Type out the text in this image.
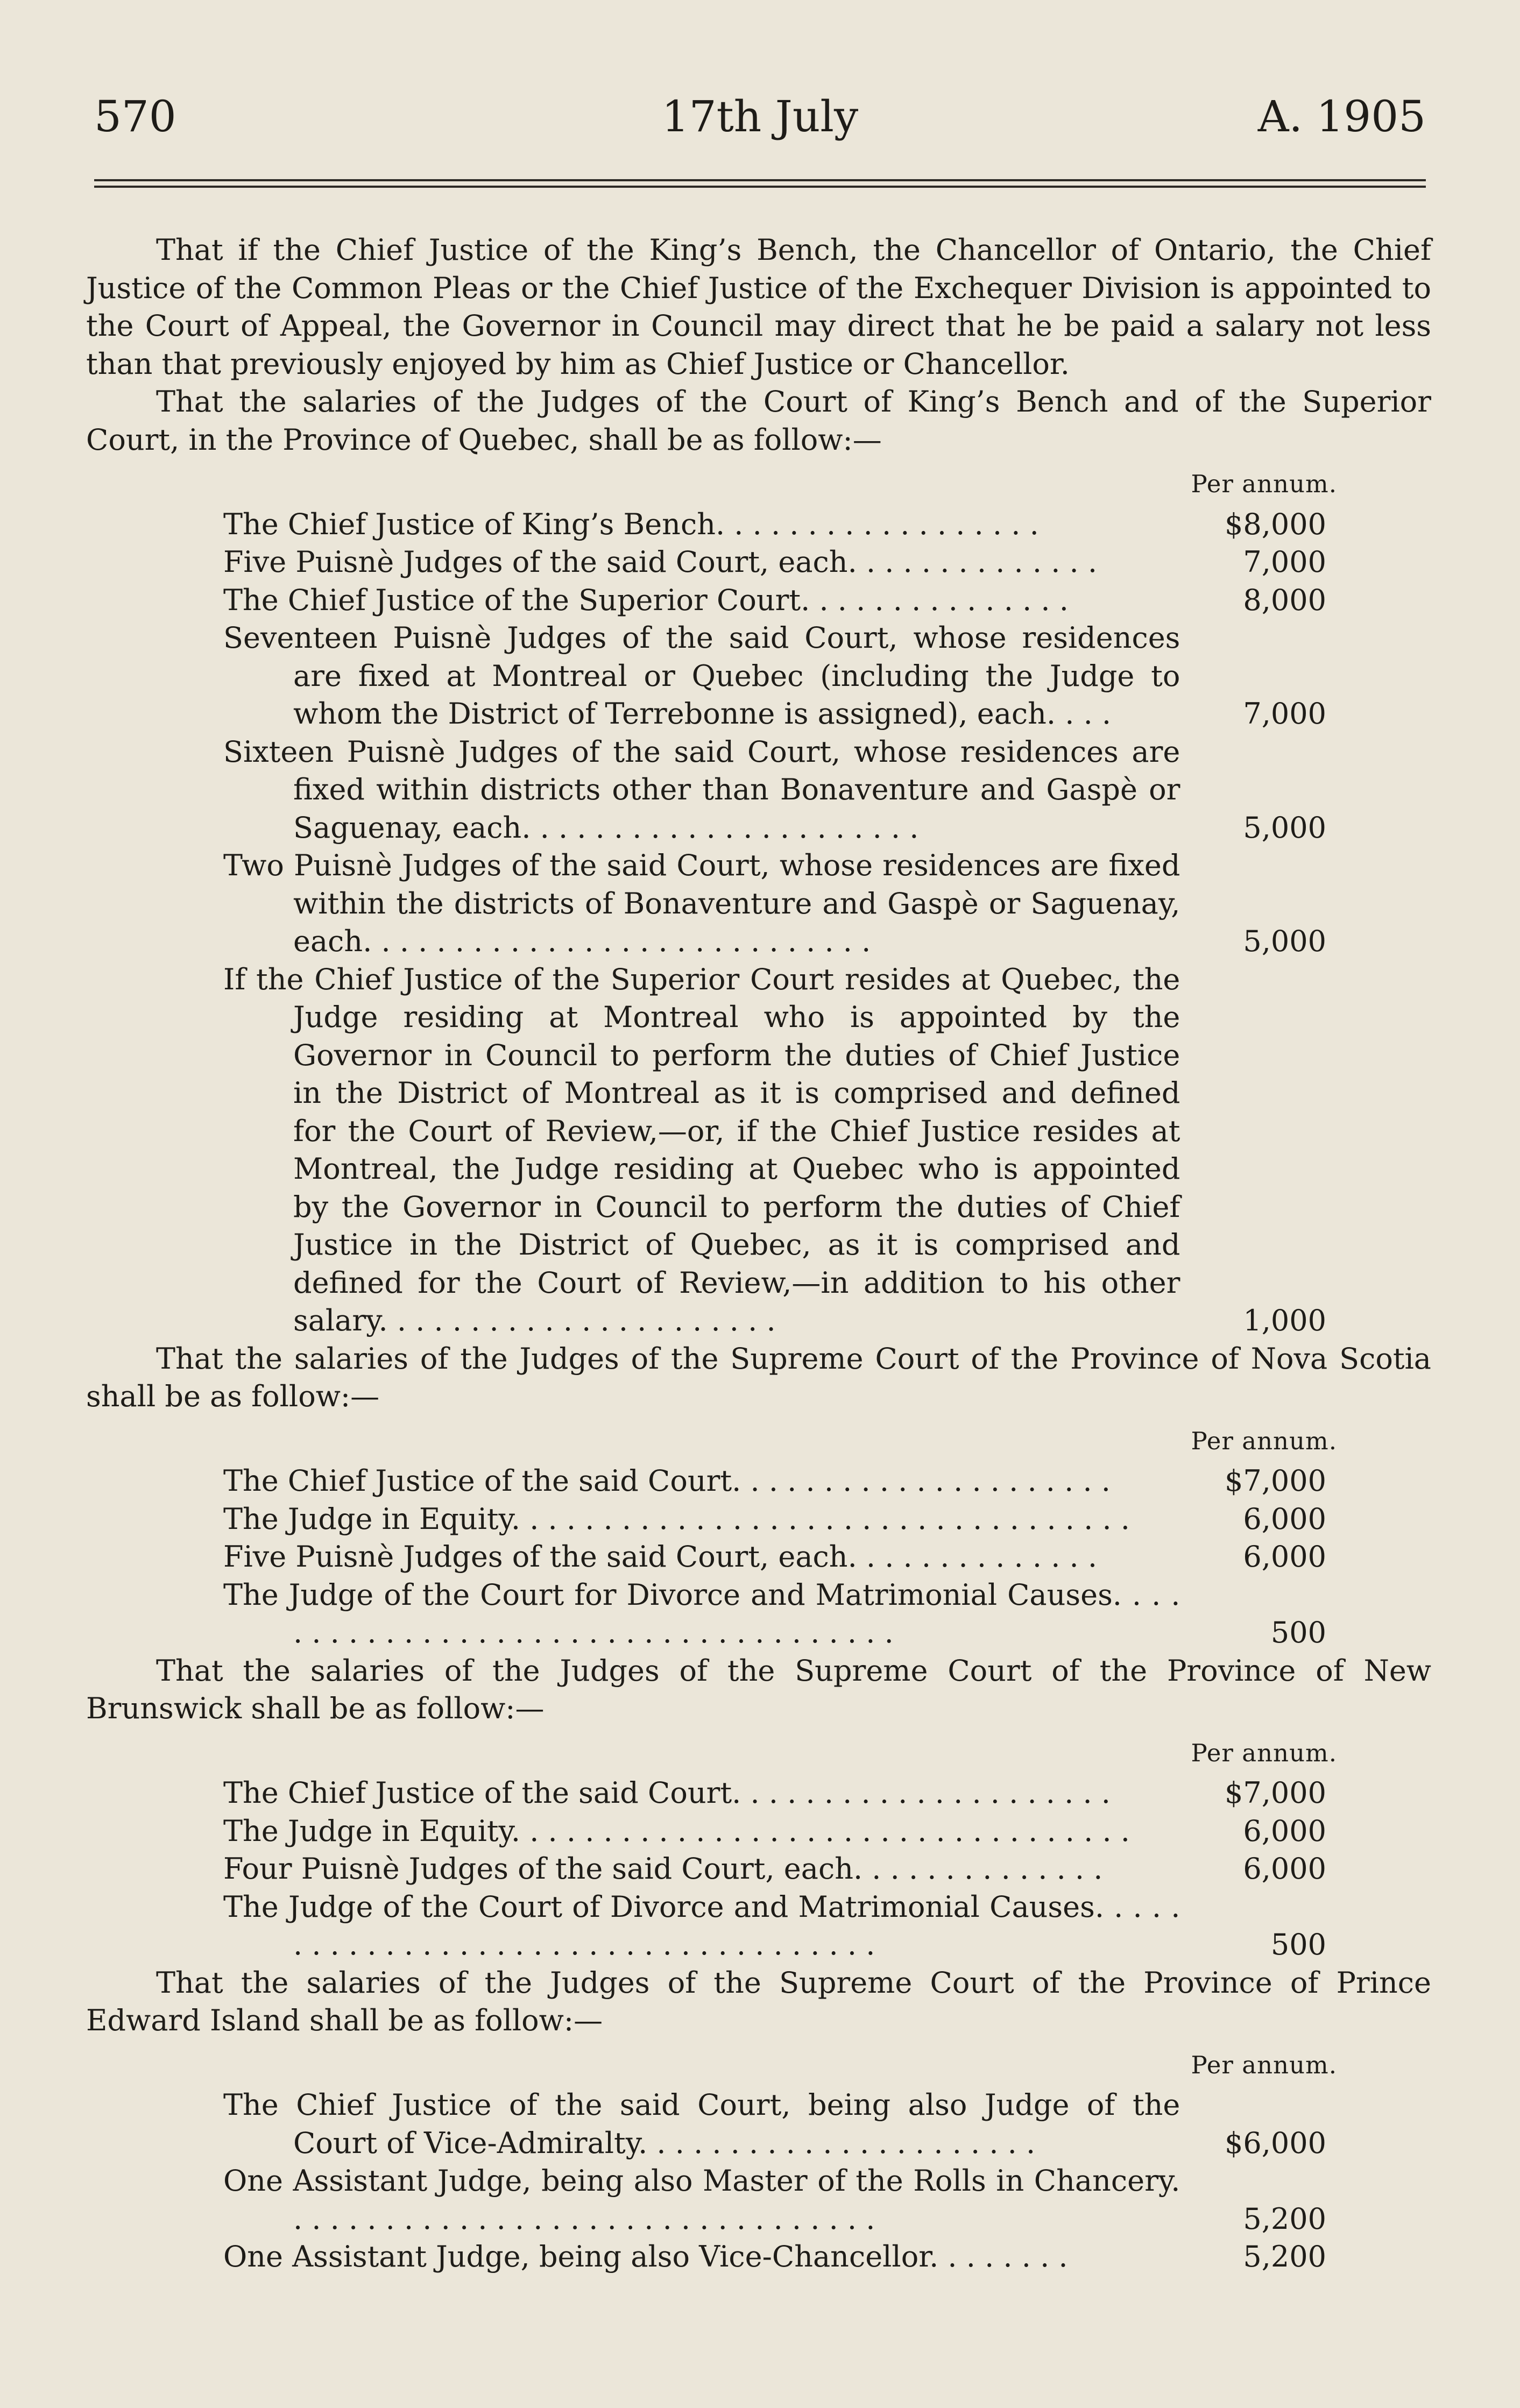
570	17th July	A. 1905

That if the Chief Justice of the King’s Bench, the Chancellor of Ontario, the Chief Justice of the Common Pleas or the Chief Justice of the Exchequer Division is appointed to the Court of Appeal, the Governor in Council may direct that he be paid a salary not less than that previously enjoyed by him as Chief Justice or Chancellor.

That the salaries of the Judges of the Court of King’s Bench and of the Superior Court, in the Province of Quebec, shall be as follow:—

Per annum.
The Chief Justice of King’s Bench. . . . . . . . . . . . . . . . . .	$8,000
Five Puisnè Judges of the said Court, each. . . . . . . . . . . . . .	7,000
The Chief Justice of the Superior Court. . . . . . . . . . . . . . .	8,000
Seventeen Puisnè Judges of the said Court, whose residences are fixed at Montreal or Quebec (including the Judge to whom the District of Terrebonne is assigned), each. . . .	7,000
Sixteen Puisnè Judges of the said Court, whose residences are fixed within districts other than Bonaventure and Gaspè or Saguenay, each. . . . . . . . . . . . . . . . . . . . . .	5,000
Two Puisnè Judges of the said Court, whose residences are fixed within the districts of Bonaventure and Gaspè or Saguenay, each. . . . . . . . . . . . . . . . . . . . . . . . . . . .	5,000
If the Chief Justice of the Superior Court resides at Quebec, the Judge residing at Montreal who is appointed by the Governor in Council to perform the duties of Chief Justice in the District of Montreal as it is comprised and defined for the Court of Review,—or, if the Chief Justice resides at Montreal, the Judge residing at Quebec who is appointed by the Governor in Council to perform the duties of Chief Justice in the District of Quebec, as it is comprised and defined for the Court of Review,—in addition to his other salary. . . . . . . . . . . . . . . . . . . . . .	1,000

That the salaries of the Judges of the Supreme Court of the Province of Nova Scotia shall be as follow:—

Per annum.
The Chief Justice of the said Court. . . . . . . . . . . . . . . . . . . . .	$7,000
The Judge in Equity. . . . . . . . . . . . . . . . . . . . . . . . . . . . . . . . . .	6,000
Five Puisnè Judges of the said Court, each. . . . . . . . . . . . . .	6,000
The Judge of the Court for Divorce and Matrimonial Causes. . . . . . . . . . . . . . . . . . . . . . . . . . . . . . . . . . . . .	500

That the salaries of the Judges of the Supreme Court of the Province of New Brunswick shall be as follow:—

Per annum.
The Chief Justice of the said Court. . . . . . . . . . . . . . . . . . . . .	$7,000
The Judge in Equity. . . . . . . . . . . . . . . . . . . . . . . . . . . . . . . . . .	6,000
Four Puisnè Judges of the said Court, each. . . . . . . . . . . . . .	6,000
The Judge of the Court of Divorce and Matrimonial Causes. . . . . . . . . . . . . . . . . . . . . . . . . . . . . . . . . . . . .	500

That the salaries of the Judges of the Supreme Court of the Province of Prince Edward Island shall be as follow:—

Per annum.
The Chief Justice of the said Court, being also Judge of the Court of Vice-Admiralty. . . . . . . . . . . . . . . . . . . . . .	$6,000
One Assistant Judge, being also Master of the Rolls in Chancery. . . . . . . . . . . . . . . . . . . . . . . . . . . . . . . . .	5,200
One Assistant Judge, being also Vice-Chancellor. . . . . . . .	5,200
